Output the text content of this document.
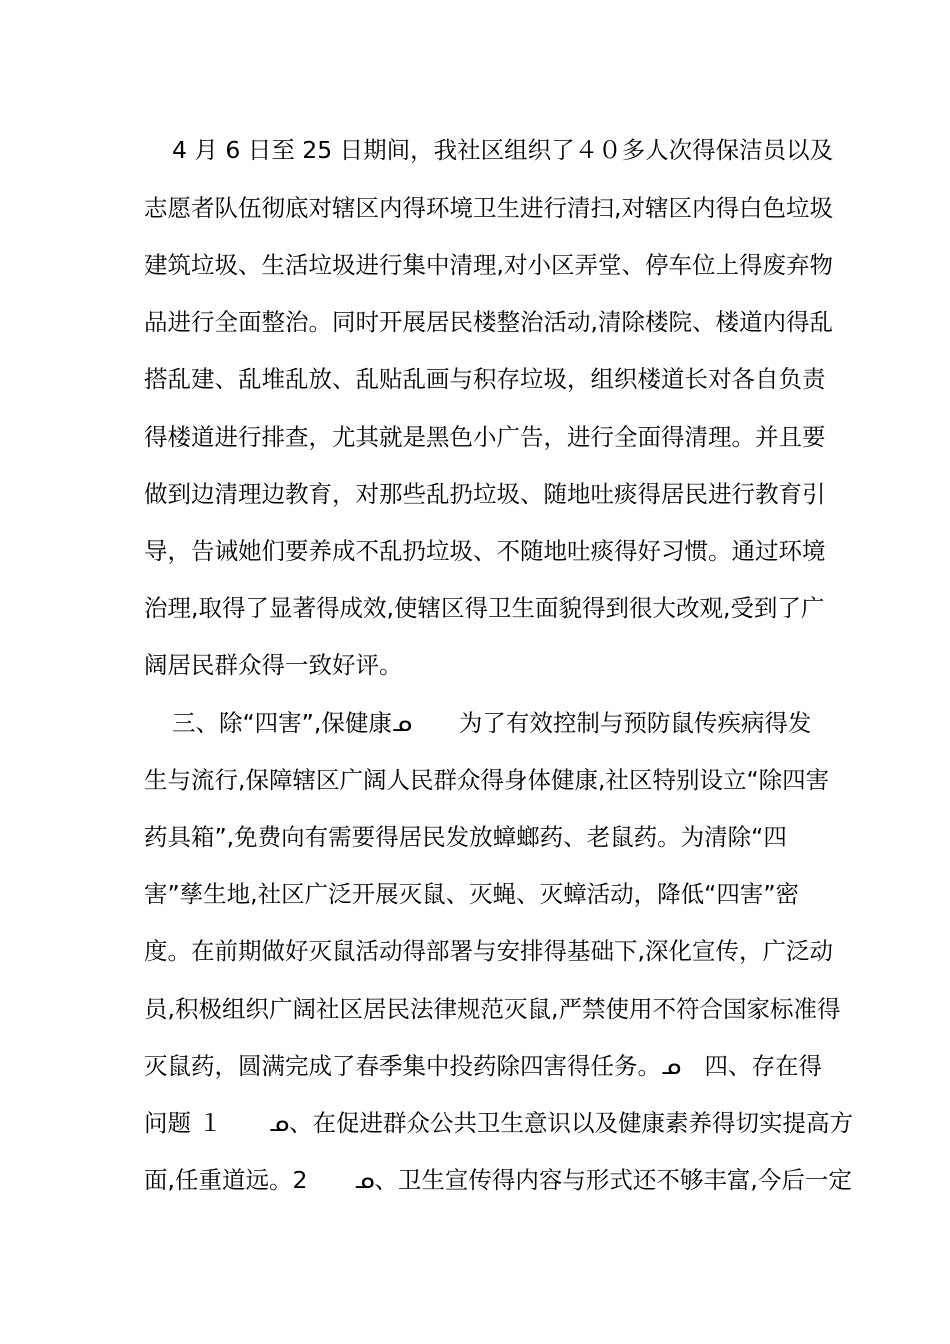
4 月 6 日至 25 日期间，我社区组织了４０多人次得保洁员以及
志愿者队伍彻底对辖区内得环境卫生进行清扫,对辖区内得白色垃圾
建筑垃圾、生活垃圾进行集中清理,对小区弄堂、停车位上得废弃物
品进行全面整治。同时开展居民楼整治活动,清除楼院、楼道内得乱
搭乱建、乱堆乱放、乱贴乱画与积存垃圾，组织楼道长对各自负责
得楼道进行排查，尤其就是黑色小广告，进行全面得清理。并且要
做到边清理边教育，对那些乱扔垃圾、随地吐痰得居民进行教育引
导，告诫她们要养成不乱扔垃圾、不随地吐痰得好习惯。通过环境
治理,取得了显著得成效,使辖区得卫生面貌得到很大改观,受到了广
阔居民群众得一致好评。
三、除“四害”,保健康ᓄ　　为了有效控制与预防鼠传疾病得发
生与流行,保障辖区广阔人民群众得身体健康,社区特别设立“除四害
药具箱”,免费向有需要得居民发放蟑螂药、老鼠药。为清除“四
害”孳生地,社区广泛开展灭鼠、灭蝇、灭蟑活动，降低“四害”密
度。在前期做好灭鼠活动得部署与安排得基础下,深化宣传，广泛动
员,积极组织广阔社区居民法律规范灭鼠,严禁使用不符合国家标准得
灭鼠药，圆满完成了春季集中投药除四害得任务。ᓄ　四、存在得
问题 １　　ᓄ、在促进群众公共卫生意识以及健康素养得切实提高方
面,任重道远。2　　ᓄ、卫生宣传得内容与形式还不够丰富,今后一定
